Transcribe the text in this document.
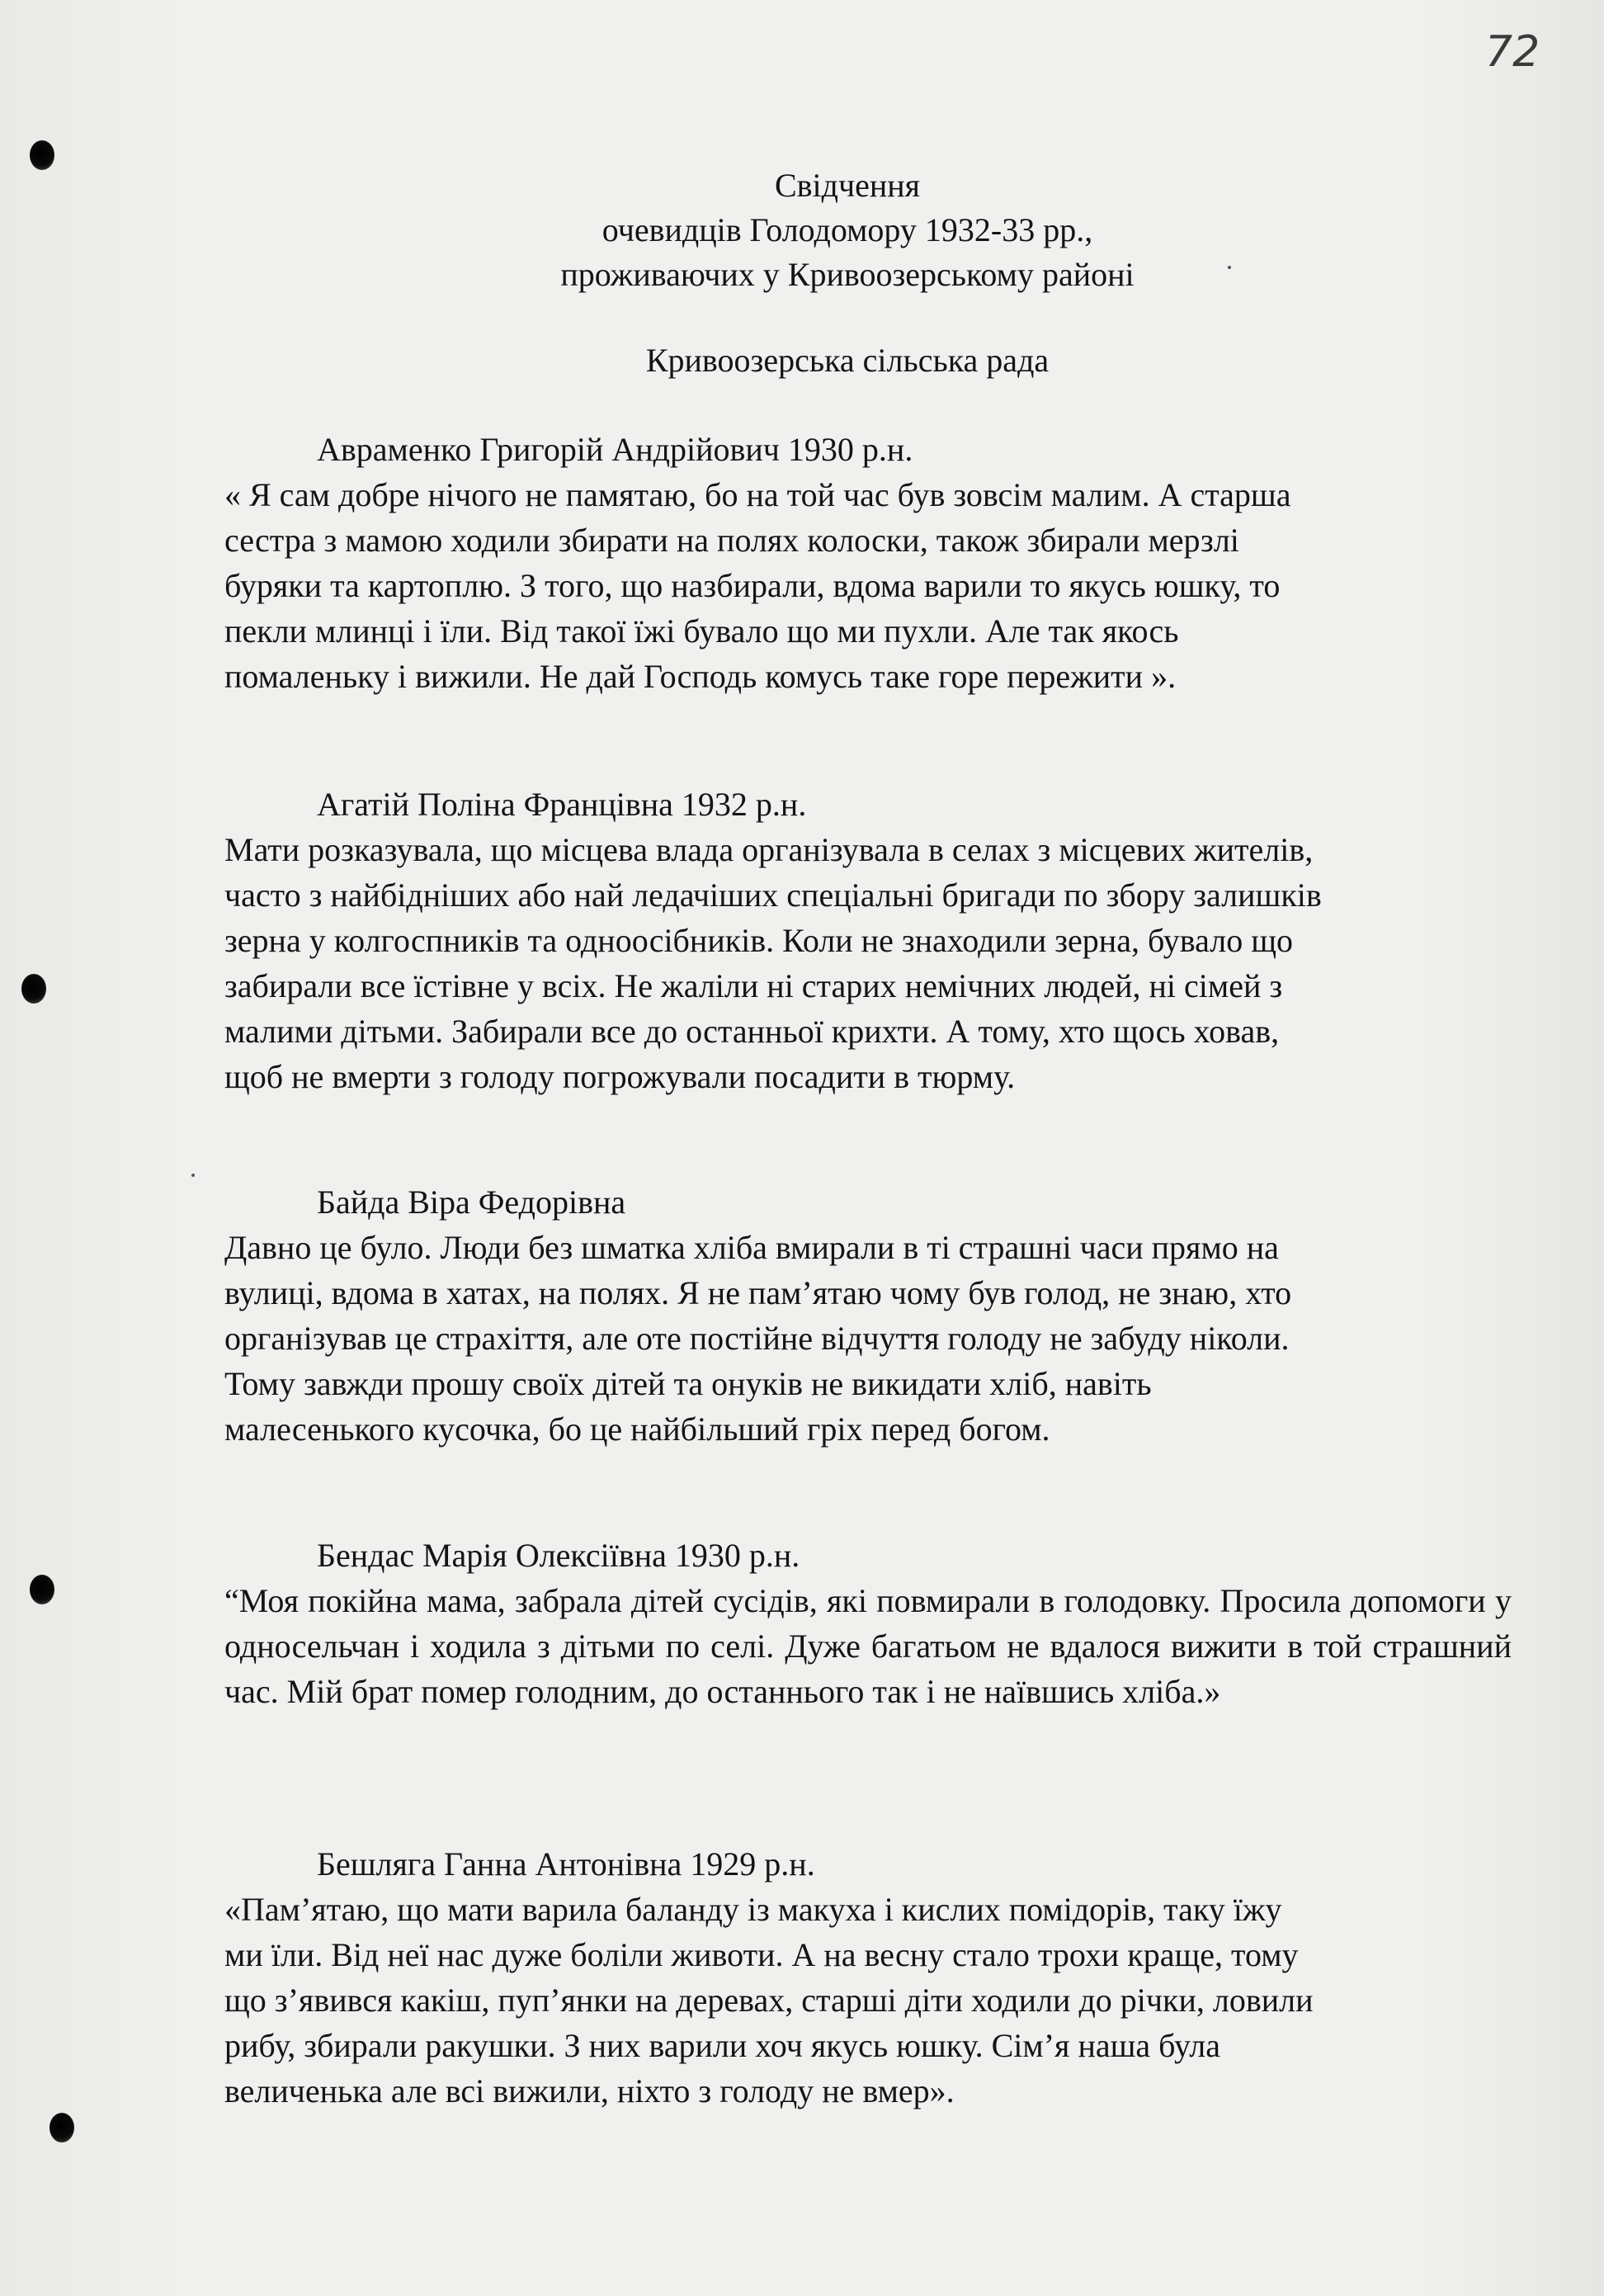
72
Свідчення
очевидців Голодомору 1932-33 рр.,
проживаючих у Кривоозерському районі
Кривоозерська сільська рада

Авраменко Григорій Андрійович 1930 р.н.

« Я сам добре нічого не памятаю, бо на той час був зовсім малим. А старша
сестра з мамою ходили збирати на полях колоски, також збирали мерзлі
буряки та картоплю. З того, що назбирали, вдома варили то якусь юшку, то
пекли млинці і їли. Від такої їжі бувало що ми пухли. Але так якось
помаленьку і вижили. Не дай Господь комусь таке горе пережити ».

Агатій Поліна Францівна 1932 р.н.

Мати розказувала, що місцева влада організувала в селах з місцевих жителів,
часто з найбідніших або най ледачіших спеціальні бригади по збору залишків
зерна у колгоспників та одноосібників. Коли не знаходили зерна, бувало що
забирали все їстівне у всіх. Не жаліли ні старих немічних людей, ні сімей з
малими дітьми. Забирали все до останньої крихти. А тому, хто щось ховав,
щоб не вмерти з голоду погрожували посадити в тюрму.

Байда Віра Федорівна

Давно це було. Люди без шматка хліба вмирали в ті страшні часи прямо на
вулиці, вдома в хатах, на полях. Я не пам’ятаю чому був голод, не знаю, хто
організував це страхіття, але оте постійне відчуття голоду не забуду ніколи.
Тому завжди прошу своїх дітей та онуків не викидати хліб, навіть
малесенького кусочка, бо це найбільший гріх перед богом.

Бендас Марія Олексіївна 1930 р.н.

“Моя покійна мама, забрала дітей сусідів, які повмирали в голодовку. Просила допомоги у односельчан і ходила з дітьми по селі. Дуже багатьом не вдалося вижити в той страшний час. Мій брат помер голодним, до останнього так і не наївшись хліба.»

Бешляга Ганна Антонівна 1929 р.н.

«Пам’ятаю, що мати варила баланду із макуха і кислих помідорів, таку їжу
ми їли. Від неї нас дуже боліли животи. А на весну стало трохи краще, тому
що з’явився какіш, пуп’янки на деревах, старші діти ходили до річки, ловили
рибу, збирали ракушки. З них варили хоч якусь юшку. Сім’я наша була
величенька але всі вижили, ніхто з голоду не вмер».
